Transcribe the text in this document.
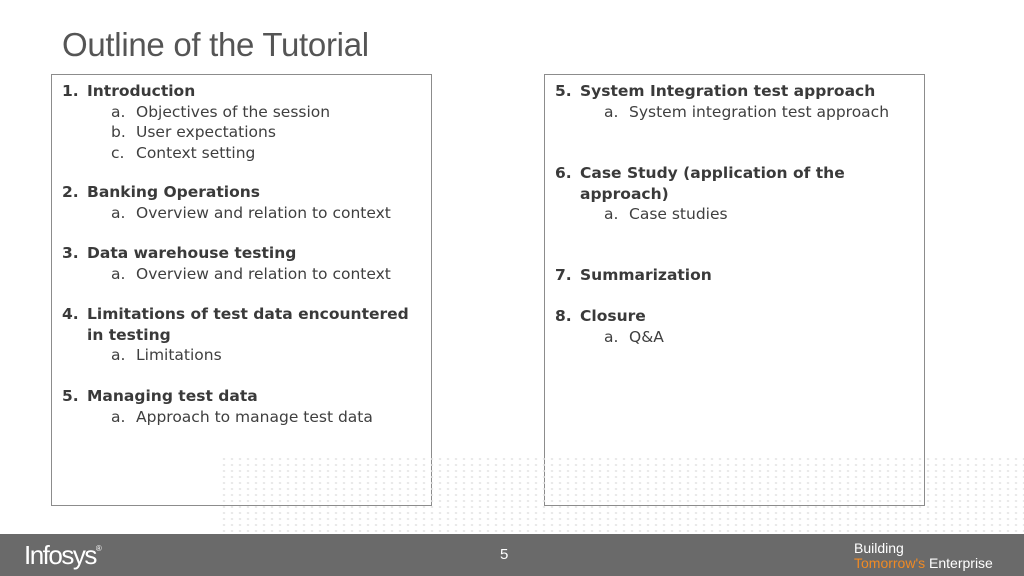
Outline of the Tutorial
1. Introduction
a. Objectives of the session
b. User expectations
c. Context setting
2. Banking Operations
a. Overview and relation to context
3. Data warehouse testing
a. Overview and relation to context
4. Limitations of test data encountered in testing
a. Limitations
5. Managing test data
a. Approach to manage test data
5. System Integration test approach
a. System integration test approach
6. Case Study (application of the approach)
a. Case studies
7. Summarization
8. Closure
a. Q&A
Infosys®	5	Building
Tomorrow's Enterprise
